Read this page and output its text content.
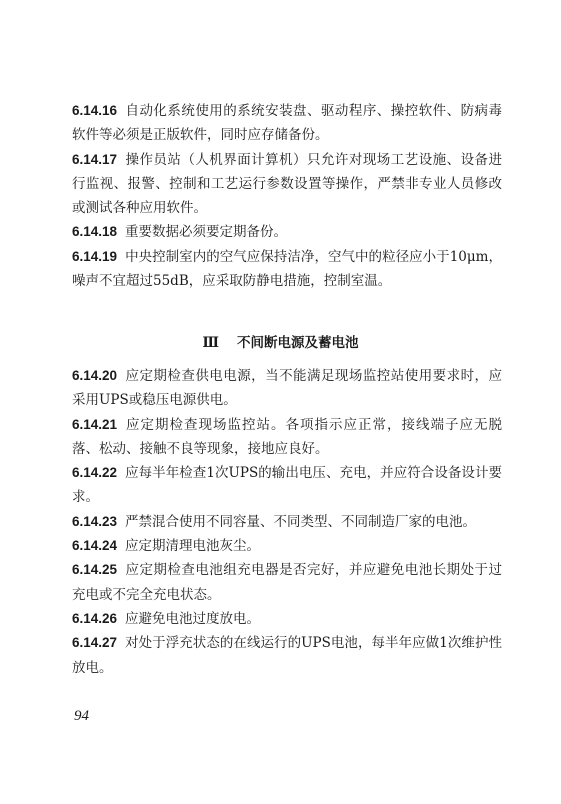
6.14.16 自动化系统使用的系统安装盘、驱动程序、操控软件、防病毒软件等必须是正版软件，同时应存储备份。

6.14.17 操作员站（人机界面计算机）只允许对现场工艺设施、设备进行监视、报警、控制和工艺运行参数设置等操作，严禁非专业人员修改或测试各种应用软件。

6.14.18 重要数据必须要定期备份。

6.14.19 中央控制室内的空气应保持洁净，空气中的粒径应小于10μm，噪声不宜超过55dB，应采取防静电措施，控制室温。

Ⅲ 不间断电源及蓄电池

6.14.20 应定期检查供电电源，当不能满足现场监控站使用要求时，应采用UPS或稳压电源供电。

6.14.21 应定期检查现场监控站。各项指示应正常，接线端子应无脱落、松动、接触不良等现象，接地应良好。

6.14.22 应每半年检查1次UPS的输出电压、充电，并应符合设备设计要求。

6.14.23 严禁混合使用不同容量、不同类型、不同制造厂家的电池。

6.14.24 应定期清理电池灰尘。

6.14.25 应定期检查电池组充电器是否完好，并应避免电池长期处于过充电或不完全充电状态。

6.14.26 应避免电池过度放电。

6.14.27 对处于浮充状态的在线运行的UPS电池，每半年应做1次维护性放电。

94
